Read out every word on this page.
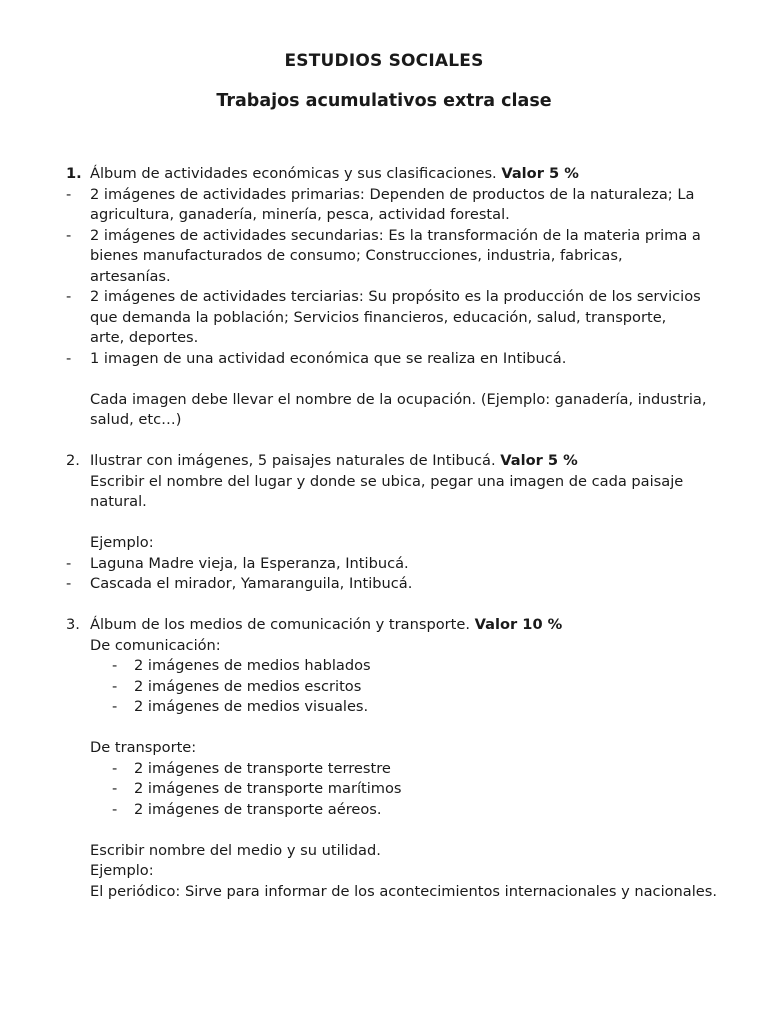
ESTUDIOS SOCIALES
Trabajos acumulativos extra clase
1. Álbum de actividades económicas y sus clasificaciones. Valor 5 %
- 2 imágenes de actividades primarias: Dependen de productos de la naturaleza; La
agricultura, ganadería, minería, pesca, actividad forestal.
- 2 imágenes de actividades secundarias: Es la transformación de la materia prima a
bienes manufacturados de consumo; Construcciones, industria, fabricas,
artesanías.
- 2 imágenes de actividades terciarias: Su propósito es la producción de los servicios
que demanda la población; Servicios financieros, educación, salud, transporte,
arte, deportes.
- 1 imagen de una actividad económica que se realiza en Intibucá.
Cada imagen debe llevar el nombre de la ocupación. (Ejemplo: ganadería, industria,
salud, etc…)
2. Ilustrar con imágenes, 5 paisajes naturales de Intibucá. Valor 5 %
Escribir el nombre del lugar y donde se ubica, pegar una imagen de cada paisaje
natural.
Ejemplo:
- Laguna Madre vieja, la Esperanza, Intibucá.
- Cascada el mirador, Yamaranguila, Intibucá.
3. Álbum de los medios de comunicación y transporte. Valor 10 %
De comunicación:
- 2 imágenes de medios hablados
- 2 imágenes de medios escritos
- 2 imágenes de medios visuales.
De transporte:
- 2 imágenes de transporte terrestre
- 2 imágenes de transporte marítimos
- 2 imágenes de transporte aéreos.
Escribir nombre del medio y su utilidad.
Ejemplo:
El periódico: Sirve para informar de los acontecimientos internacionales y nacionales.
